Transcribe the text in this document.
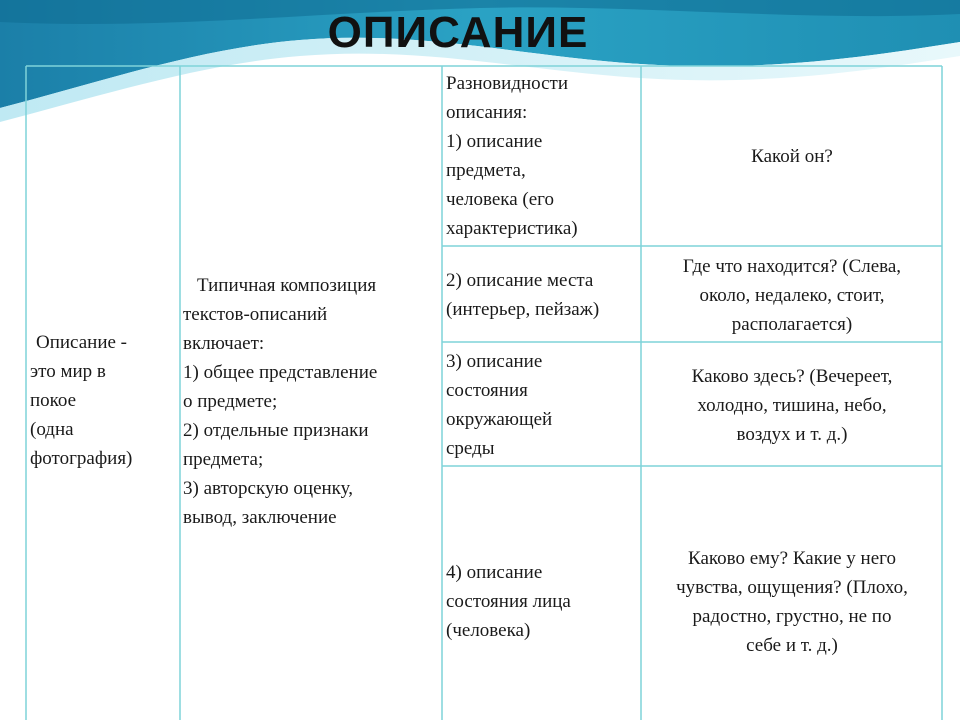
ОПИСАНИЕ

Описание -

это мир в

покое

(одна

фотография)

Типичная композиция

текстов-описаний

включает:

1) общее представление

о предмете;

2) отдельные признаки

предмета;

3) авторскую оценку,

вывод, заключение

Разновидности

описания:

1) описание

предмета,

человека (его

характеристика)

Какой он?

2) описание места

(интерьер, пейзаж)

Где что находится? (Слева,

около, недалеко, стоит,

располагается)

3) описание

состояния

окружающей

среды

Каково здесь? (Вечереет,

холодно, тишина, небо,

воздух и т. д.)

4) описание

состояния лица

(человека)

Каково ему? Какие у него

чувства, ощущения? (Плохо,

радостно, грустно, не по

себе и т. д.)
